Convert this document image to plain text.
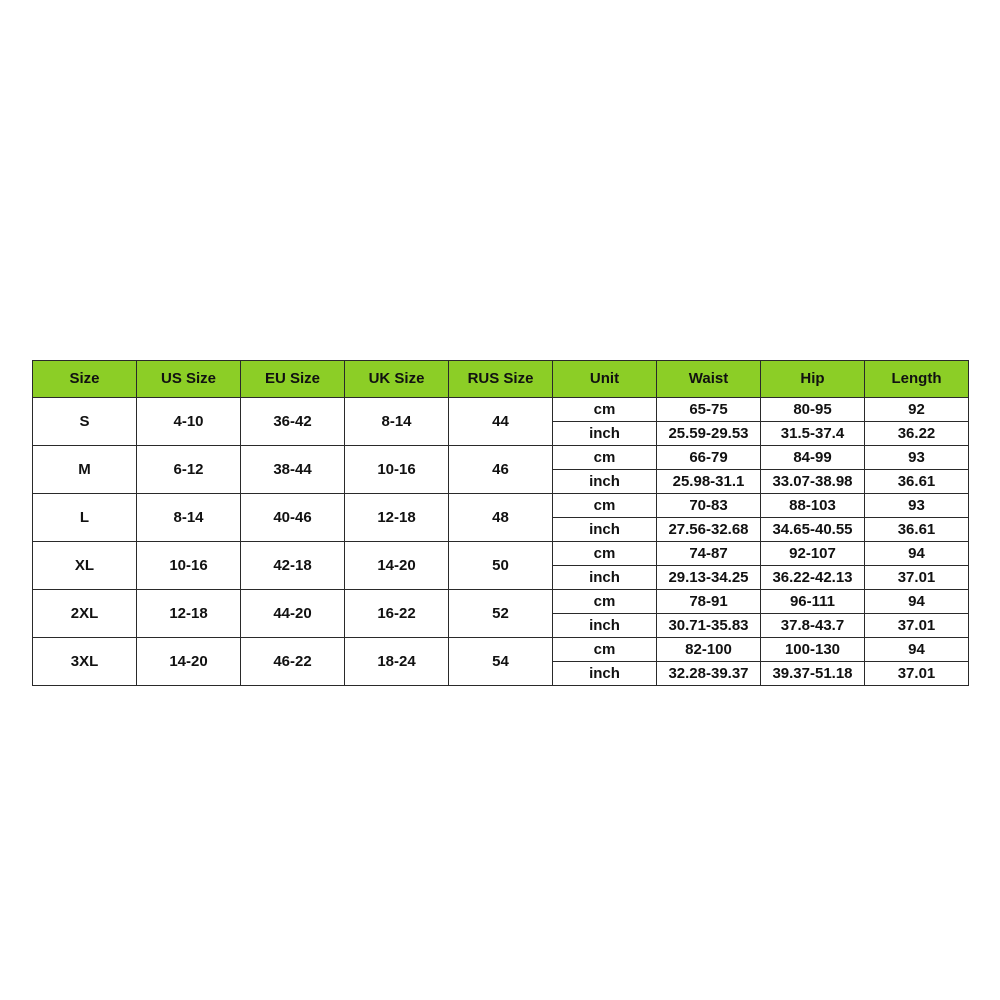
Size	US Size	EU Size	UK Size	RUS Size	Unit	Waist	Hip	Length
S	4-10	36-42	8-14	44	cm	65-75	80-95	92
					inch	25.59-29.53	31.5-37.4	36.22
M	6-12	38-44	10-16	46	cm	66-79	84-99	93
					inch	25.98-31.1	33.07-38.98	36.61
L	8-14	40-46	12-18	48	cm	70-83	88-103	93
					inch	27.56-32.68	34.65-40.55	36.61
XL	10-16	42-18	14-20	50	cm	74-87	92-107	94
					inch	29.13-34.25	36.22-42.13	37.01
2XL	12-18	44-20	16-22	52	cm	78-91	96-111	94
					inch	30.71-35.83	37.8-43.7	37.01
3XL	14-20	46-22	18-24	54	cm	82-100	100-130	94
					inch	32.28-39.37	39.37-51.18	37.01
